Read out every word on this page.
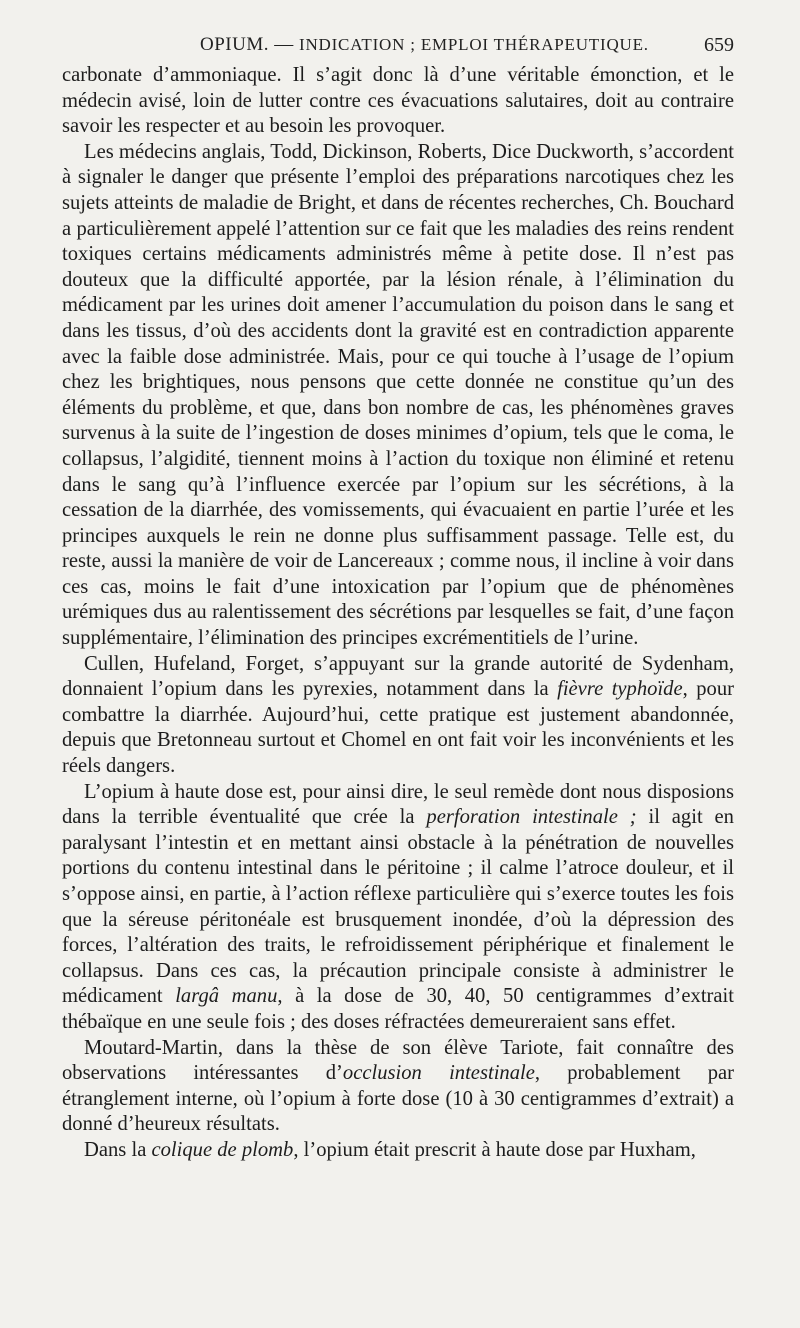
OPIUM. — INDICATION ; EMPLOI THÉRAPEUTIQUE.	659

carbonate d’ammoniaque. Il s’agit donc là d’une véritable émonction, et le médecin avisé, loin de lutter contre ces évacuations salutaires, doit au contraire savoir les respecter et au besoin les provoquer.

Les médecins anglais, Todd, Dickinson, Roberts, Dice Duckworth, s’accordent à signaler le danger que présente l’emploi des préparations narcotiques chez les sujets atteints de maladie de Bright, et dans de récentes recherches, Ch. Bouchard a particulièrement appelé l’attention sur ce fait que les maladies des reins rendent toxiques certains médicaments administrés même à petite dose. Il n’est pas douteux que la difficulté apportée, par la lésion rénale, à l’élimination du médicament par les urines doit amener l’accumulation du poison dans le sang et dans les tissus, d’où des accidents dont la gravité est en contradiction apparente avec la faible dose administrée. Mais, pour ce qui touche à l’usage de l’opium chez les brightiques, nous pensons que cette donnée ne constitue qu’un des éléments du problème, et que, dans bon nombre de cas, les phénomènes graves survenus à la suite de l’ingestion de doses minimes d’opium, tels que le coma, le collapsus, l’algidité, tiennent moins à l’action du toxique non éliminé et retenu dans le sang qu’à l’influence exercée par l’opium sur les sécrétions, à la cessation de la diarrhée, des vomissements, qui évacuaient en partie l’urée et les principes auxquels le rein ne donne plus suffisamment passage. Telle est, du reste, aussi la manière de voir de Lancereaux ; comme nous, il incline à voir dans ces cas, moins le fait d’une intoxication par l’opium que de phénomènes urémiques dus au ralentissement des sécrétions par lesquelles se fait, d’une façon supplémentaire, l’élimination des principes excrémentitiels de l’urine.

Cullen, Hufeland, Forget, s’appuyant sur la grande autorité de Sydenham, donnaient l’opium dans les pyrexies, notamment dans la fièvre typhoïde, pour combattre la diarrhée. Aujourd’hui, cette pratique est justement abandonnée, depuis que Bretonneau surtout et Chomel en ont fait voir les inconvénients et les réels dangers.

L’opium à haute dose est, pour ainsi dire, le seul remède dont nous disposions dans la terrible éventualité que crée la perforation intestinale ; il agit en paralysant l’intestin et en mettant ainsi obstacle à la pénétration de nouvelles portions du contenu intestinal dans le péritoine ; il calme l’atroce douleur, et il s’oppose ainsi, en partie, à l’action réflexe particulière qui s’exerce toutes les fois que la séreuse péritonéale est brusquement inondée, d’où la dépression des forces, l’altération des traits, le refroidissement périphérique et finalement le collapsus. Dans ces cas, la précaution principale consiste à administrer le médicament largâ manu, à la dose de 30, 40, 50 centigrammes d’extrait thébaïque en une seule fois ; des doses réfractées demeureraient sans effet.

Moutard-Martin, dans la thèse de son élève Tariote, fait connaître des observations intéressantes d’occlusion intestinale, probablement par étranglement interne, où l’opium à forte dose (10 à 30 centigrammes d’extrait) a donné d’heureux résultats.

Dans la colique de plomb, l’opium était prescrit à haute dose par Huxham,
